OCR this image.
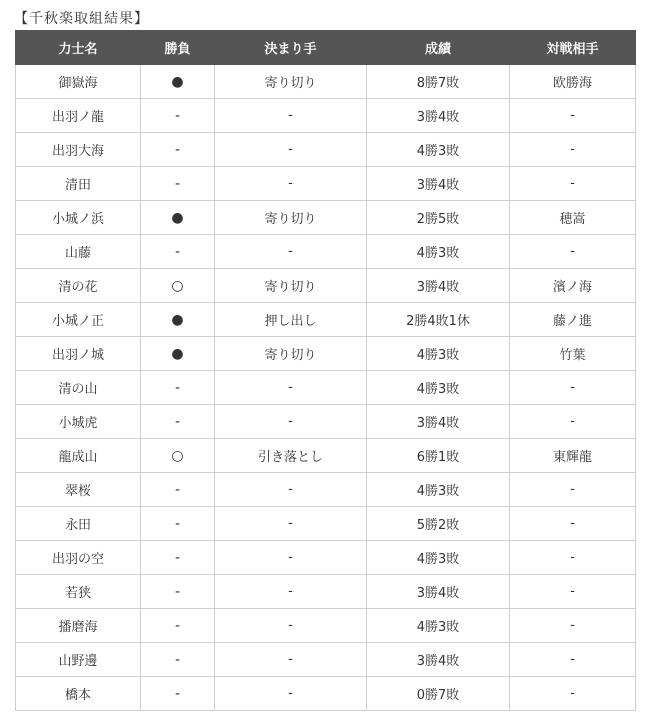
【千秋楽取組結果】
力士名	勝負	決まり手	成績	対戦相手
御嶽海	●	寄り切り	8勝7敗	欧勝海
出羽ノ龍	-	-	3勝4敗	-
出羽大海	-	-	4勝3敗	-
清田	-	-	3勝4敗	-
小城ノ浜	●	寄り切り	2勝5敗	穂嵩
山藤	-	-	4勝3敗	-
清の花	○	寄り切り	3勝4敗	濱ノ海
小城ノ正	●	押し出し	2勝4敗1休	藤ノ進
出羽ノ城	●	寄り切り	4勝3敗	竹葉
清の山	-	-	4勝3敗	-
小城虎	-	-	3勝4敗	-
龍成山	○	引き落とし	6勝1敗	東輝龍
翠桜	-	-	4勝3敗	-
永田	-	-	5勝2敗	-
出羽の空	-	-	4勝3敗	-
若狭	-	-	3勝4敗	-
播磨海	-	-	4勝3敗	-
山野邊	-	-	3勝4敗	-
橋本	-	-	0勝7敗	-
